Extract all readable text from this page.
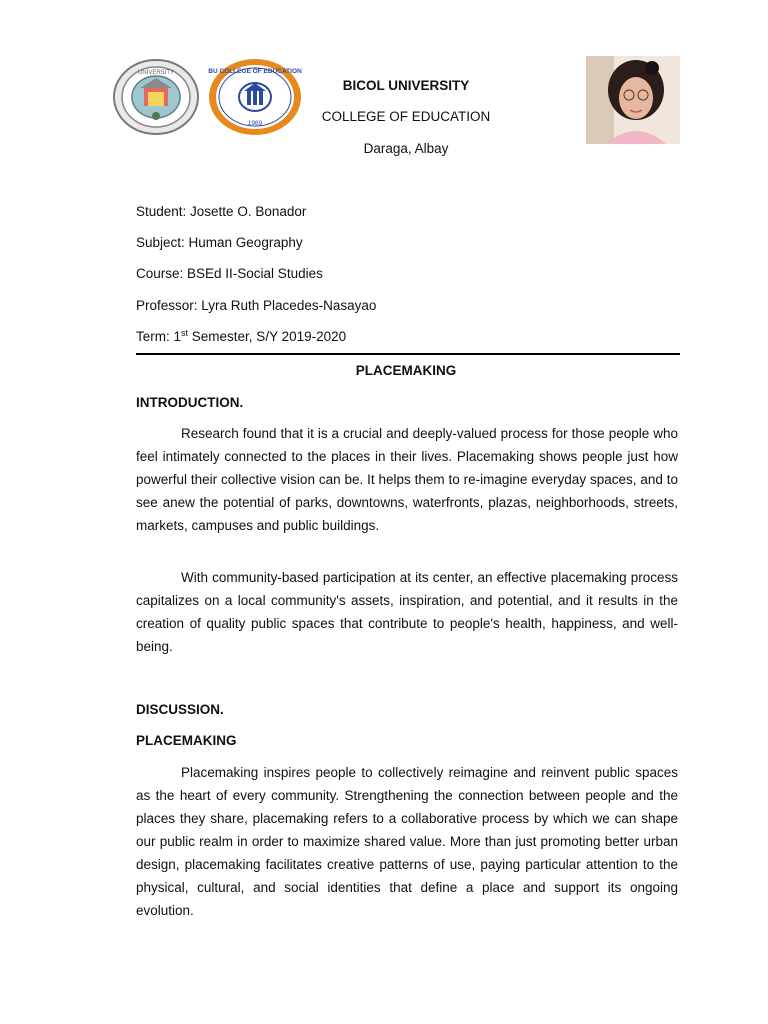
UNIVERSITY	BU COLLEGE OF EDUCATION
1969
BICOL UNIVERSITY
COLLEGE OF EDUCATION
Daraga, Albay
Student: Josette O. Bonador
Subject: Human Geography
Course: BSEd II-Social Studies
Professor: Lyra Ruth Placedes-Nasayao
Term: 1st Semester, S/Y 2019-2020
PLACEMAKING
INTRODUCTION.

Research found that it is a crucial and deeply-valued process for those people who feel intimately connected to the places in their lives. Placemaking shows people just how powerful their collective vision can be. It helps them to re-imagine everyday spaces, and to see anew the potential of parks, downtowns, waterfronts, plazas, neighborhoods, streets, markets, campuses and public buildings.

With community-based participation at its center, an effective placemaking process capitalizes on a local community's assets, inspiration, and potential, and it results in the creation of quality public spaces that contribute to people's health, happiness, and well-being.

DISCUSSION.
PLACEMAKING

Placemaking inspires people to collectively reimagine and reinvent public spaces as the heart of every community. Strengthening the connection between people and the places they share, placemaking refers to a collaborative process by which we can shape our public realm in order to maximize shared value. More than just promoting better urban design, placemaking facilitates creative patterns of use, paying particular attention to the physical, cultural, and social identities that define a place and support its ongoing evolution.
